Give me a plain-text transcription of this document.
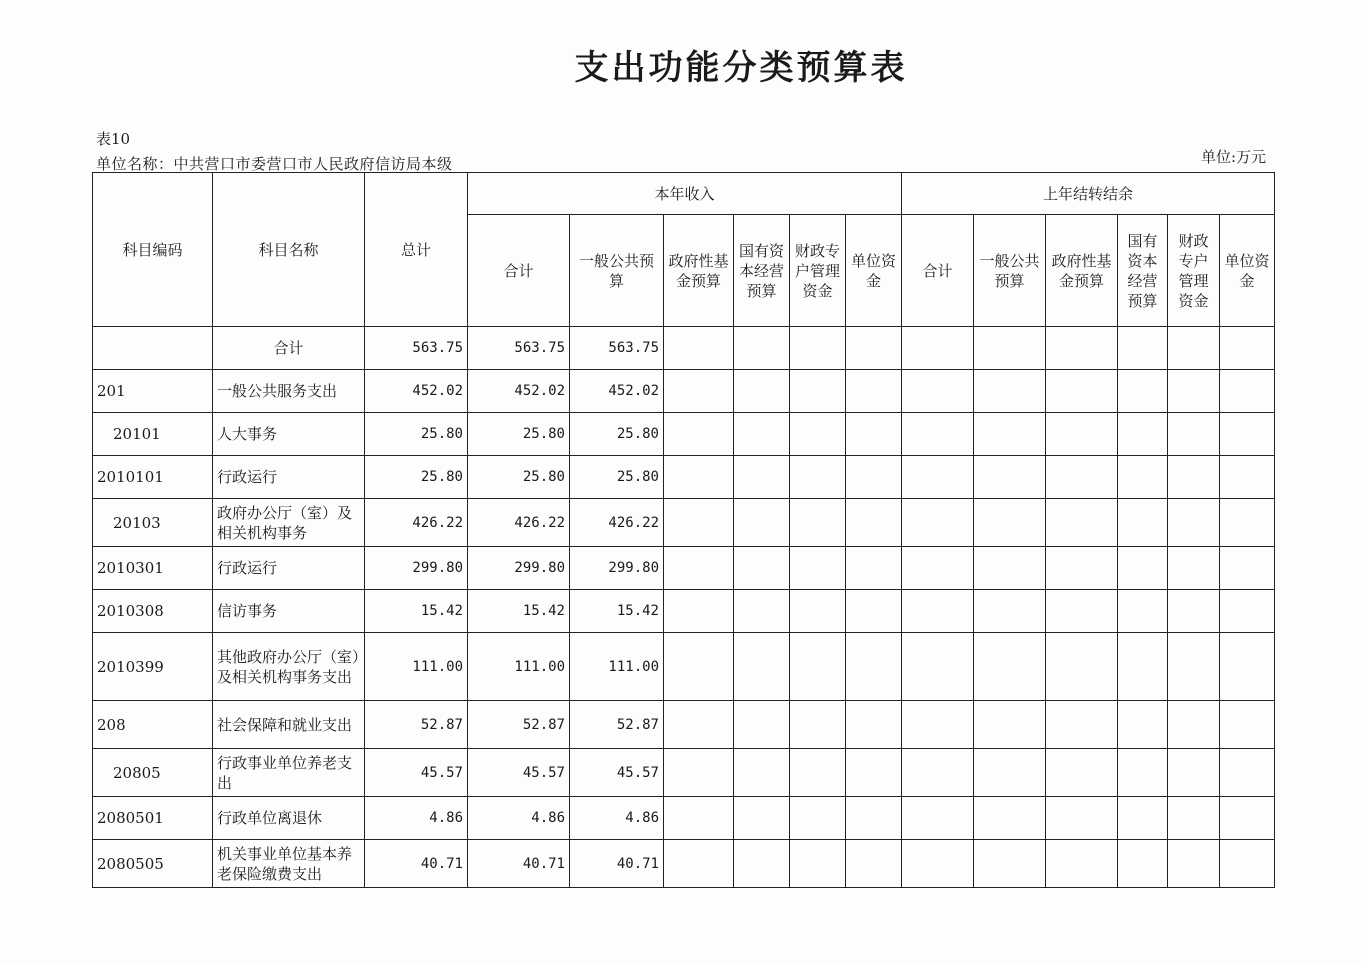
支出功能分类预算表
表10
单位名称：中共营口市委营口市人民政府信访局本级	单位:万元
科目编码	科目名称	总计	本年收入						上年结转结余					
			合计	一般公共预算	政府性基金预算	国有资本经营预算	财政专户管理资金	单位资金	合计	一般公共预算	政府性基金预算	国有资本经营预算	财政专户管理资金	单位资金
	合计	563.75	563.75	563.75										
201	一般公共服务支出	452.02	452.02	452.02										
20101	人大事务	25.80	25.80	25.80										
2010101	行政运行	25.80	25.80	25.80										
20103	政府办公厅（室）及相关机构事务	426.22	426.22	426.22										
2010301	行政运行	299.80	299.80	299.80										
2010308	信访事务	15.42	15.42	15.42										
2010399	其他政府办公厅（室）及相关机构事务支出	111.00	111.00	111.00										
208	社会保障和就业支出	52.87	52.87	52.87										
20805	行政事业单位养老支出	45.57	45.57	45.57										
2080501	行政单位离退休	4.86	4.86	4.86										
2080505	机关事业单位基本养老保险缴费支出	40.71	40.71	40.71										
